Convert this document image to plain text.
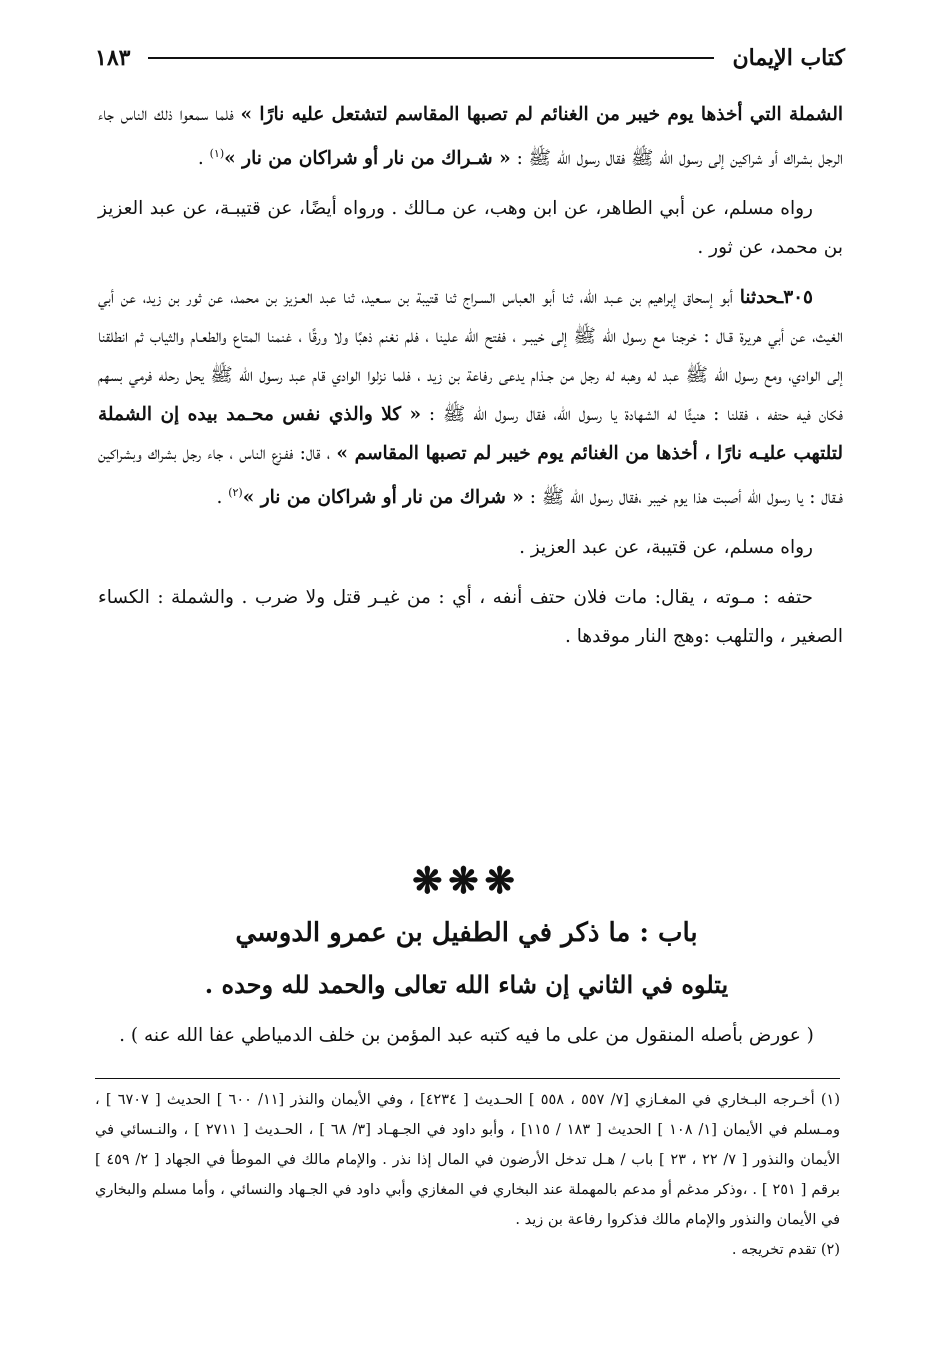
١٨٣	كتاب الإيمان

الشملة التي أخذها يوم خيبر من الغنائم لم تصبها المقاسم لتشتعل عليه نارًا » فلما سمعوا ذلك الناس جاء الرجل بشراك أو شراكين إلى رسول الله ﷺ فقال رسول الله ﷺ : « شـراك من نار أو شراكان من نار »$^{(١)}$ .

رواه مسلم، عن أبي الطاهر، عن ابن وهب، عن مـالك . ورواه أيضًا، عن قتيبـة، عن عبد العزيز بن محمد، عن ثور .

٣٠٥ـحدثنا أبو إسحاق إبراهيم بن عـبد الله، ثنا أبو العباس السـراج ثنا قتيبة بن سـعيد، ثنا عبد العـزيز بن محمد، عن ثور بن زيد، عن أبي الغيث، عن أبي هريرة قـال : خرجنا مع رسول الله ﷺ إلى خيبـر ، ففتح الله علينا ، فلم نغنم ذهبًا ولا ورقًا ، غنمنا المتاع والطعـام والثياب ثم انطلقنا إلى الوادي، ومع رسول الله ﷺ عبد له وهبه له رجل من جـذام يدعى رفاعة بن زيد ، فلما نزلوا الوادي قام عبد رسول الله ﷺ يحل رحله فرمي بسهم فكان فيه حتفه ، فقلنا : هنيئًا له الشهادة يا رسول الله، فقال رسول الله ﷺ : « كلا والذي نفس محـمد بيده إن الشملة لتلتهب عليـه نارًا ، أخذها من الغنائم يوم خيبر لم تصبها المقاسم » ، قال: ففـزع الناس ، جاء رجل بشراك وبشراكين فـقال : يا رسول الله أصبت هذا يوم خيبر ،فقال رسول الله ﷺ : « شراك من نار أو شراكان من نار »$^{(٢)}$ .

رواه مسلم، عن قتيبة، عن عبد العزيز .

حتفه : مـوته ، يقال: مات فلان حتف أنفه ، أي : من غيـر قتل ولا ضرب . والشملة : الكساء الصغير ، والتلهب :وهج النار موقدها .

❋❋❋
باب : ما ذكر في الطفيل بن عمرو الدوسي
يتلوه في الثاني إن شاء الله تعالى والحمد لله وحده .
( عورض بأصله المنقول من على ما فيه كتبه عبد المؤمن بن خلف الدمياطي عفا الله عنه ) .

(١) أخـرجه البـخاري في المغـازي [٧/ ٥٥٧ ، ٥٥٨ ] الحـديث [ ٤٢٣٤] ، وفي الأيمان والنذر [١١/ ٦٠٠ ] الحديث [ ٦٧٠٧ ] ، ومـسلم في الأيمان [١/ ١٠٨ ] الحديث [ ١٨٣ / ١١٥] ، وأبو داود في الجـهـاد [٣/ ٦٨ ] ، الحـديث [ ٢٧١١ ] ، والنـسائي في الأيمان والنذور [ ٧/ ٢٢ ، ٢٣ ] باب / هـل تدخل الأرضون في المال إذا نذر . والإمام مالك في الموطأ في الجهاد [ ٢/ ٤٥٩ ] برقم [ ٢٥١ ] . ،وذكر مدغم أو مدعم بالمهملة عند البخاري في المغازي وأبي داود في الجـهاد والنسائي ، وأما مسلم والبخاري في الأيمان والنذور والإمام مالك فذكروا رفاعة بن زيد .

(٢) تقدم تخريجه .
